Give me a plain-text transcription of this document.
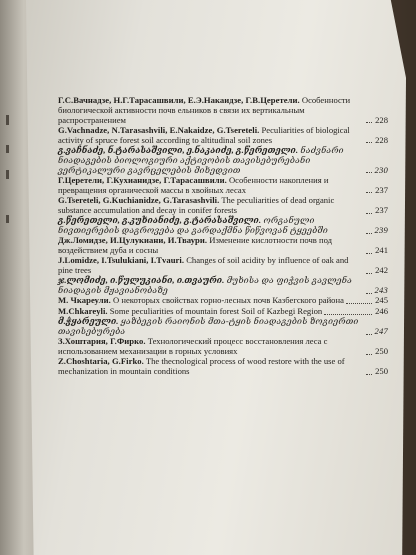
Г.С.Вачнадзе, Н.Г.Тарасашвили, Е.Э.Накаидзе, Г.В.Церетели. Особенности биологической активности почв ельников в связи их вертикальным распространением	228
G.Vachnadze, N.Tarasashvili, E.Nakaidze, G.Tsereteli. Peculiarities of biological activity of spruce forest soil according to altitudinal soil zones	228
გ.ვაჩნაძე, ნ.ტარასაშვილი, ე.ნაკაიძე, გ.წერეთელი. ნაძვნარი ნიადაგების ბიოლოგიური აქტივობის თავისებურებანი ვერტიკალური გავრცელების მიხედვით	230
Г.Церетели, Г.Кухианидзе, Г.Тарасашвили. Особенности накопления и превращения органической массы в хвойных лесах	237
G.Tsereteli, G.Kuchianidze, G.Tarasashvili. The peculiarities of dead organic substance accumulation and decay in conifer forests	237
გ.წერეთელი, გ.კუხიანიძე, გ.ტარასაშვილი. ორგანული ნივთიერების დაგროვება და გარდაქმნა წიწვოვან ტყეებში	239
Дж.Ломидзе, И.Цулукиани, И.Тваури. Изменение кислотности почв под воздействием дуба и сосны	241
J.Lomidze, I.Tsulukiani, I.Tvauri. Changes of soil acidity by influence of oak and pine trees	242
ჯ.ლომიძე, ი.წულუკიანი, ი.თვაური. მუხისა და ფიჭვის გავლენა ნიადაგის მჟავიანობაზე	243
М. Чкареули. О некоторых свойствах горно-лесных почв Казбегского района	245
M.Chkareyli. Some peculiarities of mountain forest Soil of Kazbegi Region	246
მ.ჭყარეული. ყაზბეგის რაიონის მთა-ტყის ნიადაგების ზოგიერთი თავისებურება	247
З.Хоштария, Г.Фирко. Технологический процесс восстановления леса с использованием механизации в горных условиях	250
Z.Choshtaria, G.Firko. The thecnological process of wood restore with the use of mechanization in mountain conditions	250
